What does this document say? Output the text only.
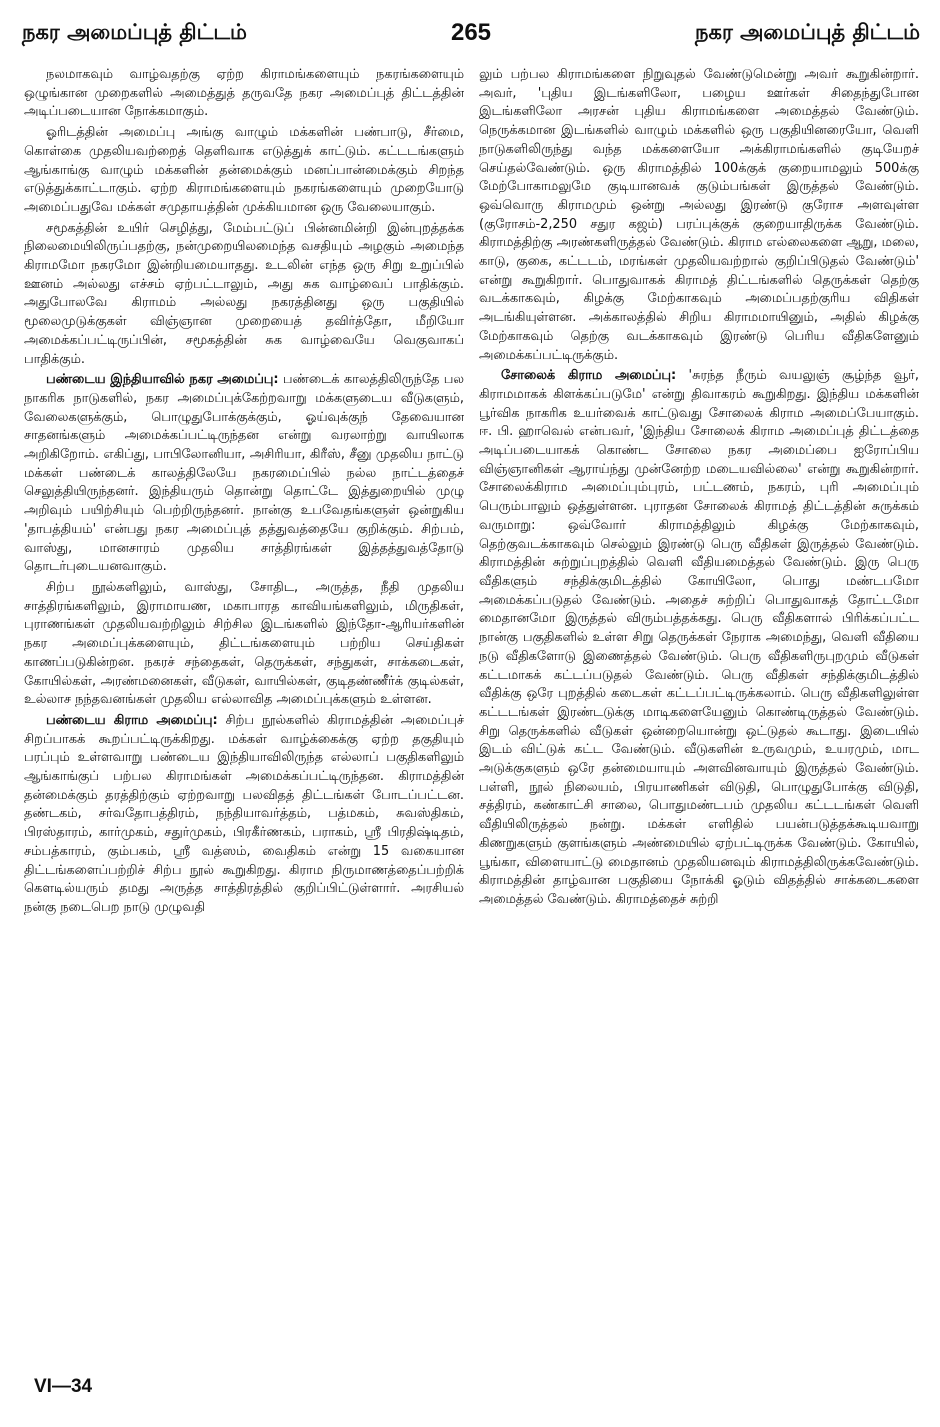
நகர அமைப்புத் திட்டம்	265	நகர அமைப்புத் திட்டம்

நலமாகவும் வாழ்வதற்கு ஏற்ற கிராமங்களையும் நகரங்களையும் ஒழுங்கான முறைகளில் அமைத்துத் தருவதே நகர அமைப்புத் திட்டத்தின் அடிப்படையான நோக்கமாகும்.

ஓரிடத்தின் அமைப்பு அங்கு வாழும் மக்களின் பண்பாடு, சீர்மை, கொள்கை முதலியவற்றைத் தெளிவாக எடுத்துக் காட்டும். கட்டடங்களும் ஆங்காங்கு வாழும் மக்களின் தன்மைக்கும் மனப்பான்மைக்கும் சிறந்த எடுத்துக்காட்டாகும். ஏற்ற கிராமங்களையும் நகரங்களையும் முறையோடு அமைப்பதுவே மக்கள் சமுதாயத்தின் முக்கியமான ஒரு வேலையாகும்.

சமூகத்தின் உயிர் செழித்து, மேம்பட்டுப் பின்னமின்றி இன்புறத்தக்க நிலைமையிலிருப்பதற்கு, நன்முறையிலமைந்த வசதியும் அழகும் அமைந்த கிராமமோ நகரமோ இன்றியமையாதது. உடலின் எந்த ஒரு சிறு உறுப்பில் ஊனம் அல்லது எச்சம் ஏற்பட்டாலும், அது சுக வாழ்வைப் பாதிக்கும். அதுபோலவே கிராமம் அல்லது நகரத்தினது ஒரு பகுதியில் மூலைமுடுக்குகள் விஞ்ஞான முறையைத் தவிர்த்தோ, மீறியோ அமைக்கப்பட்டிருப்பின், சமூகத்தின் சுக வாழ்வையே வெகுவாகப் பாதிக்கும்.

பண்டைய இந்தியாவில் நகர அமைப்பு: பண்டைக் காலத்திலிருந்தே பல நாகரிக நாடுகளில், நகர அமைப்புக்கேற்றவாறு மக்களுடைய வீடுகளும், வேலைகளுக்கும், பொழுதுபோக்குக்கும், ஓய்வுக்குந் தேவையான சாதனங்களும் அமைக்கப்பட்டிருந்தன என்று வரலாற்று வாயிலாக அறிகிறோம். எகிப்து, பாபிலோனியா, அசிரியா, கிரீஸ், சீனு முதலிய நாட்டு மக்கள் பண்டைக் காலத்திலேயே நகரமைப்பில் நல்ல நாட்டத்தைச் செலுத்தியிருந்தனர். இந்தியரும் தொன்று தொட்டே இத்துறையில் முழு அறிவும் பயிற்சியும் பெற்றிருந்தனர். நான்கு உபவேதங்களுள் ஒன்றுகிய 'தாபத்தியம்' என்பது நகர அமைப்புத் தத்துவத்தையே குறிக்கும். சிற்பம், வாஸ்து, மானசாரம் முதலிய சாத்திரங்கள் இத்தத்துவத்தோடு தொடர்புடையனவாகும்.

சிற்ப நூல்களிலும், வாஸ்து, சோதிட, அருத்த, நீதி முதலிய சாத்திரங்களிலும், இராமாயண, மகாபாரத காவியங்களிலும், மிருதிகள், புராணங்கள் முதலியவற்றிலும் சிற்சில இடங்களில் இந்தோ-ஆரியர்களின் நகர அமைப்புக்களையும், திட்டங்களையும் பற்றிய செய்திகள் காணப்படுகின்றன. நகரச் சந்தைகள், தெருக்கள், சந்துகள், சாக்கடைகள், கோயில்கள், அரண்மனைகள், வீடுகள், வாயில்கள், குடிதண்ணீர்க் குடில்கள், உல்லாச நந்தவனங்கள் முதலிய எல்லாவித அமைப்புக்களும் உள்ளன.

பண்டைய கிராம அமைப்பு: சிற்ப நூல்களில் கிராமத்தின் அமைப்புச் சிறப்பாகக் கூறப்பட்டிருக்கிறது. மக்கள் வாழ்க்கைக்கு ஏற்ற தகுதியும் பரப்பும் உள்ளவாறு பண்டைய இந்தியாவிலிருந்த எல்லாப் பகுதிகளிலும் ஆங்காங்குப் பற்பல கிராமங்கள் அமைக்கப்பட்டிருந்தன. கிராமத்தின் தன்மைக்கும் தரத்திற்கும் ஏற்றவாறு பலவிதத் திட்டங்கள் போடப்பட்டன. தண்டகம், சர்வதோபத்திரம், நந்தியாவர்த்தம், பத்மகம், சுவஸ்திகம், பிரஸ்தாரம், கார்முகம், சதுர்முகம், பிரகீர்ணகம், பராகம், ஸ்ரீ பிரதிஷ்டிதம், சம்பத்காரம், கும்பகம், ஸ்ரீ வத்ஸம், வைதிகம் என்று 15 வகையான திட்டங்களைப்பற்றிச் சிற்ப நூல் கூறுகிறது. கிராம நிருமாணத்தைப்பற்றிக் கௌடில்யரும் தமது அருத்த சாத்திரத்தில் குறிப்பிட்டுள்ளார். அரசியல் நன்கு நடைபெற நாடு முழுவதி

லும் பற்பல கிராமங்களை நிறுவுதல் வேண்டுமென்று அவர் கூறுகின்றார். அவர், 'புதிய இடங்களிலோ, பழைய ஊர்கள் சிதைந்துபோன இடங்களிலோ அரசன் புதிய கிராமங்களை அமைத்தல் வேண்டும். நெருக்கமான இடங்களில் வாழும் மக்களில் ஒரு பகுதியினரையோ, வெளி நாடுகளிலிருந்து வந்த மக்களையோ அக்கிராமங்களில் குடியேறச் செய்தல்வேண்டும். ஒரு கிராமத்தில் 100க்குக் குறையாமலும் 500க்கு மேற்போகாமலுமே குடியானவக் குடும்பங்கள் இருத்தல் வேண்டும். ஒவ்வொரு கிராமமும் ஒன்று அல்லது இரண்டு குரோச அளவுள்ள (குரோசம்-2,250 சதுர கஜம்) பரப்புக்குக் குறையாதிருக்க வேண்டும். கிராமத்திற்கு அரண்களிருத்தல் வேண்டும். கிராம எல்லைகளை ஆறு, மலை, காடு, குகை, கட்டடம், மரங்கள் முதலியவற்றால் குறிப்பிடுதல் வேண்டும்' என்று கூறுகிறார். பொதுவாகக் கிராமத் திட்டங்களில் தெருக்கள் தெற்கு வடக்காகவும், கிழக்கு மேற்காகவும் அமைப்பதற்குரிய விதிகள் அடங்கியுள்ளன. அக்காலத்தில் சிறிய கிராமமாயினும், அதில் கிழக்கு மேற்காகவும் தெற்கு வடக்காகவும் இரண்டு பெரிய வீதிகளேனும் அமைக்கப்பட்டிருக்கும்.

சோலைக் கிராம அமைப்பு: 'சுரந்த நீரும் வயலுஞ் சூழ்ந்த வூர், கிராமமாகக் கிளக்கப்படுமே' என்று திவாகரம் கூறுகிறது. இந்திய மக்களின் பூர்விக நாகரிக உயர்வைக் காட்டுவது சோலைக் கிராம அமைப்பேயாகும். ஈ. பி. ஹாவெல் என்பவர், 'இந்திய சோலைக் கிராம அமைப்புத் திட்டத்தை அடிப்படையாகக் கொண்ட சோலை நகர அமைப்பை ஐரோப்பிய விஞ்ஞானிகள் ஆராய்ந்து முன்னேற்ற மடையவில்லை' என்று கூறுகின்றார். சோலைக்கிராம அமைப்பும்புரம், பட்டணம், நகரம், புரி அமைப்பும் பெரும்பாலும் ஒத்துள்ளன. புராதன சோலைக் கிராமத் திட்டத்தின் சுருக்கம் வருமாறு: ஒவ்வோர் கிராமத்திலும் கிழக்கு மேற்காகவும், தெற்குவடக்காகவும் செல்லும் இரண்டு பெரு வீதிகள் இருத்தல் வேண்டும். கிராமத்தின் சுற்றுப்புறத்தில் வெளி வீதியமைத்தல் வேண்டும். இரு பெரு வீதிகளும் சந்திக்குமிடத்தில் கோயிலோ, பொது மண்டபமோ அமைக்கப்படுதல் வேண்டும். அதைச் சுற்றிப் பொதுவாகத் தோட்டமோ மைதானமோ இருத்தல் விரும்பத்தக்கது. பெரு வீதிகளால் பிரிக்கப்பட்ட நான்கு பகுதிகளில் உள்ள சிறு தெருக்கள் நேராக அமைந்து, வெளி வீதியை நடு வீதிகளோடு இணைத்தல் வேண்டும். பெரு வீதிகளிருபுறமும் வீடுகள் கட்டமாகக் கட்டப்படுதல் வேண்டும். பெரு வீதிகள் சந்திக்குமிடத்தில் வீதிக்கு ஒரே புறத்தில் கடைகள் கட்டப்பட்டிருக்கலாம். பெரு வீதிகளிலுள்ள கட்டடங்கள் இரண்டடுக்கு மாடிகளையேனும் கொண்டிருத்தல் வேண்டும். சிறு தெருக்களில் வீடுகள் ஒன்றையொன்று ஒட்டுதல் கூடாது. இடையில் இடம் விட்டுக் கட்ட வேண்டும். வீடுகளின் உருவமும், உயரமும், மாட அடுக்குகளும் ஒரே தன்மையாயும் அளவினவாயும் இருத்தல் வேண்டும். பள்ளி, நூல் நிலையம், பிரயாணிகள் விடுதி, பொழுதுபோக்கு விடுதி, சத்திரம், கண்காட்சி சாலை, பொதுமண்டபம் முதலிய கட்டடங்கள் வெளி வீதியிலிருத்தல் நன்று. மக்கள் எளிதில் பயன்படுத்தக்கூடியவாறு கிணறுகளும் குளங்களும் அண்மையில் ஏற்பட்டிருக்க வேண்டும். கோயில், பூங்கா, விளையாட்டு மைதானம் முதலியனவும் கிராமத்திலிருக்கவேண்டும். கிராமத்தின் தாழ்வான பகுதியை நோக்கி ஓடும் விதத்தில் சாக்கடைகளை அமைத்தல் வேண்டும். கிராமத்தைச் சுற்றி

VI—34
